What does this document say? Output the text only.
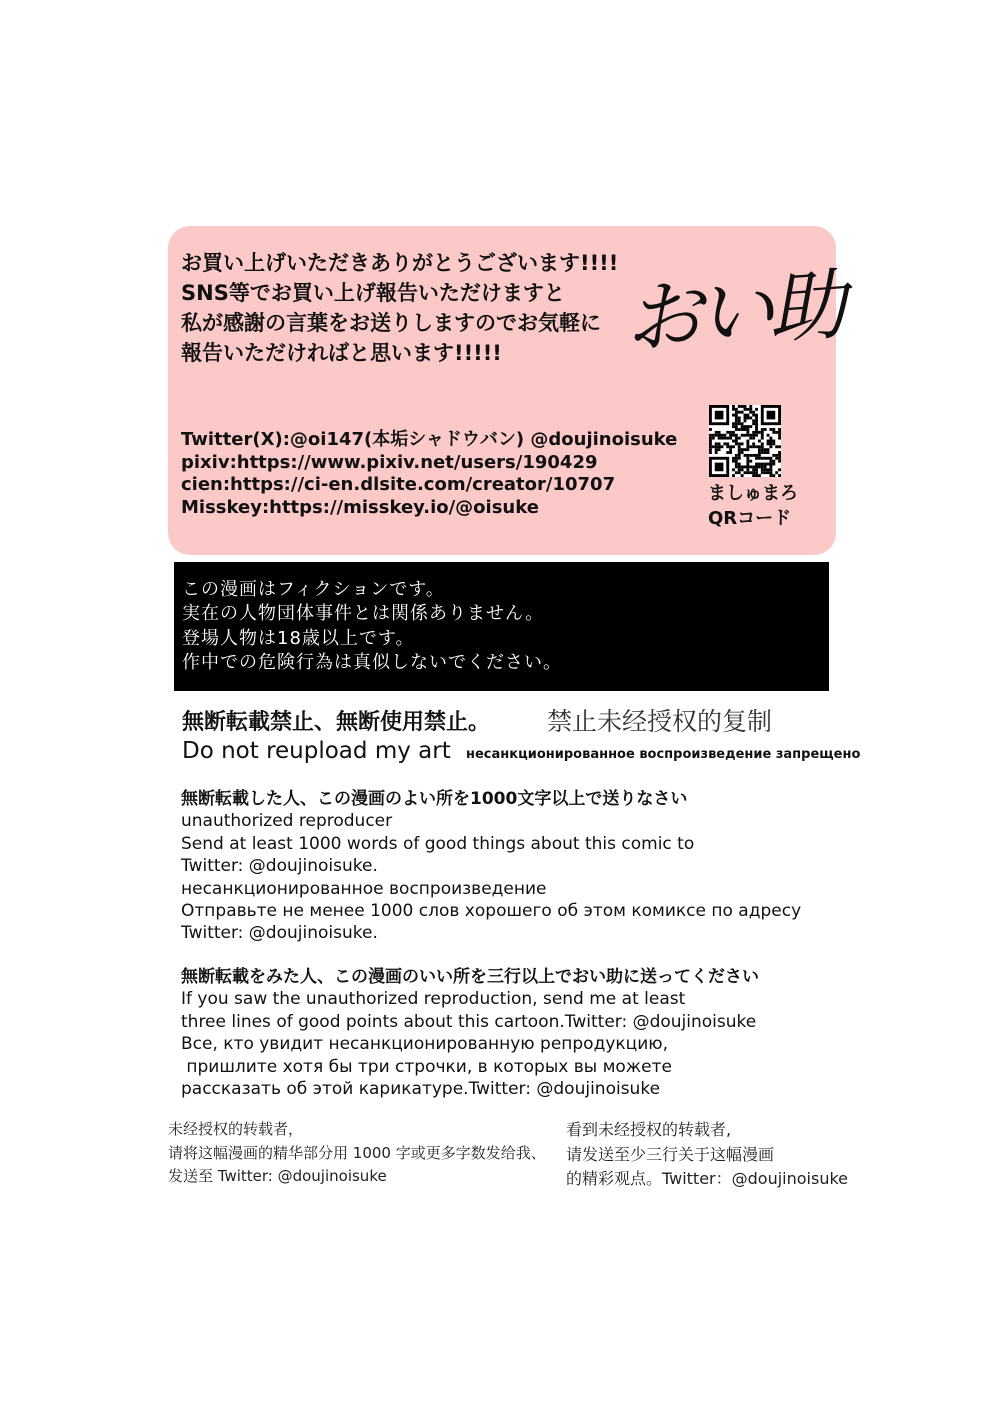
お買い上げいただきありがとうございます!!!!
SNS等でお買い上げ報告いただけますと
私が感謝の言葉をお送りしますのでお気軽に
報告いただければと思います!!!!!	おい助
Twitter(X):@oi147(本垢シャドウバン) @doujinoisuke
pixiv:https://www.pixiv.net/users/190429
cien:https://ci-en.dlsite.com/creator/10707
Misskey:https://misskey.io/@oisuke
ましゅまろ
QRコード
この漫画はフィクションです。
実在の人物団体事件とは関係ありません。
登場人物は18歳以上です。
作中での危険行為は真似しないでください。
無断転載禁止、無断使用禁止。 禁止未经授权的复制
Do not reupload my art несанкционированное воспроизведение запрещено
無断転載した人、この漫画のよい所を1000文字以上で送りなさい
unauthorized reproducer
Send at least 1000 words of good things about this comic to
Twitter: @doujinoisuke.
несанкционированное воспроизведение
Отправьте не менее 1000 слов хорошего об этом комиксе по адресу
Twitter: @doujinoisuke.
無断転載をみた人、この漫画のいい所を三行以上でおい助に送ってください
If you saw the unauthorized reproduction, send me at least
three lines of good points about this cartoon.Twitter: @doujinoisuke
Все, кто увидит несанкционированную репродукцию,
пришлите хотя бы три строчки, в которых вы можете
рассказать об этой карикатуре.Twitter: @doujinoisuke
未经授权的转载者，
请将这幅漫画的精华部分用 1000 字或更多字数发给我、
发送至 Twitter: @doujinoisuke
看到未经授权的转载者,
请发送至少三行关于这幅漫画
的精彩观点。Twitter：@doujinoisuke
